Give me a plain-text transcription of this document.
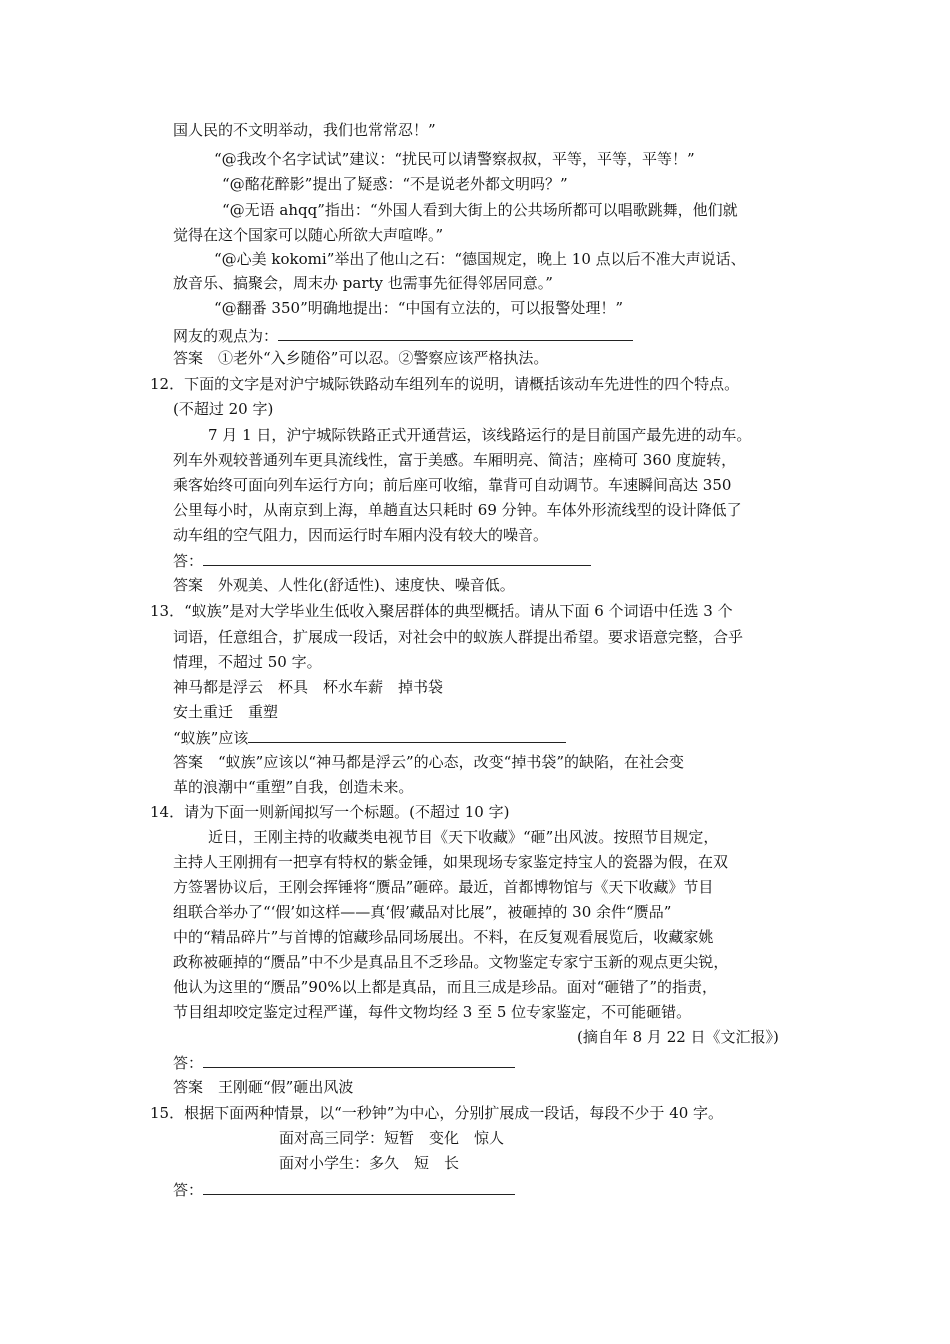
国人民的不文明举动，我们也常常忍！”
“@我改个名字试试”建议：“扰民可以请警察叔叔，平等，平等，平等！”
“@酩花醉影”提出了疑惑：“不是说老外都文明吗？”
“@无语 ahqq”指出：“外国人看到大街上的公共场所都可以唱歌跳舞，他们就
觉得在这个国家可以随心所欲大声喧哗。”
“@心美 kokomi”举出了他山之石：“德国规定，晚上 10 点以后不准大声说话、
放音乐、搞聚会，周末办 party 也需事先征得邻居同意。”
“@翻番 350”明确地提出：“中国有立法的，可以报警处理！”
网友的观点为：
答案　①老外“入乡随俗”可以忍。②警察应该严格执法。
12．下面的文字是对沪宁城际铁路动车组列车的说明，请概括该动车先进性的四个特点。
(不超过 20 字)
7 月 1 日，沪宁城际铁路正式开通营运，该线路运行的是目前国产最先进的动车。
列车外观较普通列车更具流线性，富于美感。车厢明亮、简洁；座椅可 360 度旋转，
乘客始终可面向列车运行方向；前后座可收缩，靠背可自动调节。车速瞬间高达 350
公里每小时，从南京到上海，单趟直达只耗时 69 分钟。车体外形流线型的设计降低了
动车组的空气阻力，因而运行时车厢内没有较大的噪音。
答：
答案　外观美、人性化(舒适性)、速度快、噪音低。
13．“蚁族”是对大学毕业生低收入聚居群体的典型概括。请从下面 6 个词语中任选 3 个
词语，任意组合，扩展成一段话，对社会中的蚁族人群提出希望。要求语意完整，合乎
情理，不超过 50 字。
神马都是浮云　杯具　杯水车薪　掉书袋
安土重迁　重塑
“蚁族”应该
答案　“蚁族”应该以“神马都是浮云”的心态，改变“掉书袋”的缺陷，在社会变
革的浪潮中“重塑”自我，创造未来。
14．请为下面一则新闻拟写一个标题。(不超过 10 字)
近日，王刚主持的收藏类电视节目《天下收藏》“砸”出风波。按照节目规定，
主持人王刚拥有一把享有特权的紫金锤，如果现场专家鉴定持宝人的瓷器为假，在双
方签署协议后，王刚会挥锤将“赝品”砸碎。最近，首都博物馆与《天下收藏》节目
组联合举办了“‘假’如这样——真‘假’藏品对比展”，被砸掉的 30 余件“赝品”
中的“精品碎片”与首博的馆藏珍品同场展出。不料，在反复观看展览后，收藏家姚
政称被砸掉的“赝品”中不少是真品且不乏珍品。文物鉴定专家宁玉新的观点更尖锐，
他认为这里的“赝品”90%以上都是真品，而且三成是珍品。面对“砸错了”的指责，
节目组却咬定鉴定过程严谨，每件文物均经 3 至 5 位专家鉴定，不可能砸错。
(摘自年 8 月 22 日《文汇报》)
答：
答案　王刚砸“假”砸出风波
15．根据下面两种情景，以“一秒钟”为中心，分别扩展成一段话，每段不少于 40 字。
面对高三同学：短暂　变化　惊人
面对小学生：多久　短　长
答：
